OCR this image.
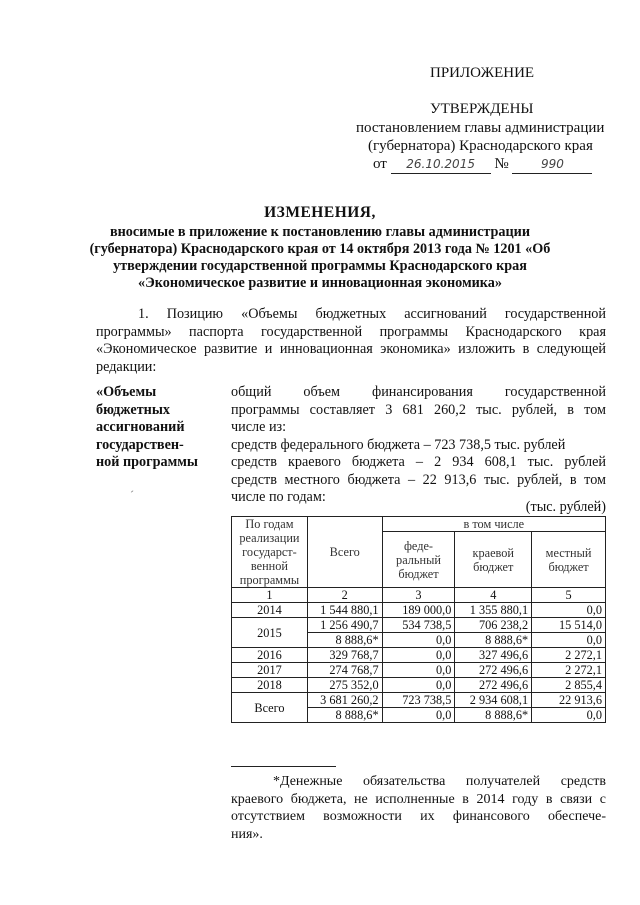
ПРИЛОЖЕНИЕ
УТВЕРЖДЕНЫ
постановлением главы администрации
(губернатора) Краснодарского края
от 26.10.2015 №	990
ИЗМЕНЕНИЯ,
вносимые в приложение к постановлению главы администрации
(губернатора) Краснодарского края от 14 октября 2013 года № 1201 «Об
утверждении государственной программы Краснодарского края
«Экономическое развитие и инновационная экономика»
1. Позицию «Объемы бюджетных ассигнований государственной
программы» паспорта государственной программы Краснодарского края
«Экономическое развитие и инновационная экономика» изложить в следующей
редакции:
«Объемы
бюджетных
ассигнований
государствен-
ной программы
общий объем финансирования государственной
программы составляет 3 681 260,2 тыс. рублей, в том
числе из:
средств федерального бюджета – 723 738,5 тыс. рублей
средств краевого бюджета – 2 934 608,1 тыс. рублей
средств местного бюджета – 22 913,6 тыс. рублей, в том
числе по годам:
ˊ
(тыс. рублей)
По годам реализации государст-венной программы	Всего	в том числе		
		феде-ральный бюджет	краевой бюджет	местный бюджет
1	2	3	4	5
2014	1 544 880,1	189 000,0	1 355 880,1	0,0
2015	1 256 490,7	534 738,5	706 238,2	15 514,0
	8 888,6*	0,0	8 888,6*	0,0
2016	329 768,7	0,0	327 496,6	2 272,1
2017	274 768,7	0,0	272 496,6	2 272,1
2018	275 352,0	0,0	272 496,6	2 855,4
Всего	3 681 260,2	723 738,5	2 934 608,1	22 913,6
	8 888,6*	0,0	8 888,6*	0,0
*Денежные обязательства получателей средств
краевого бюджета, не исполненные в 2014 году в связи с
отсутствием возможности их финансового обеспече-
ния».
